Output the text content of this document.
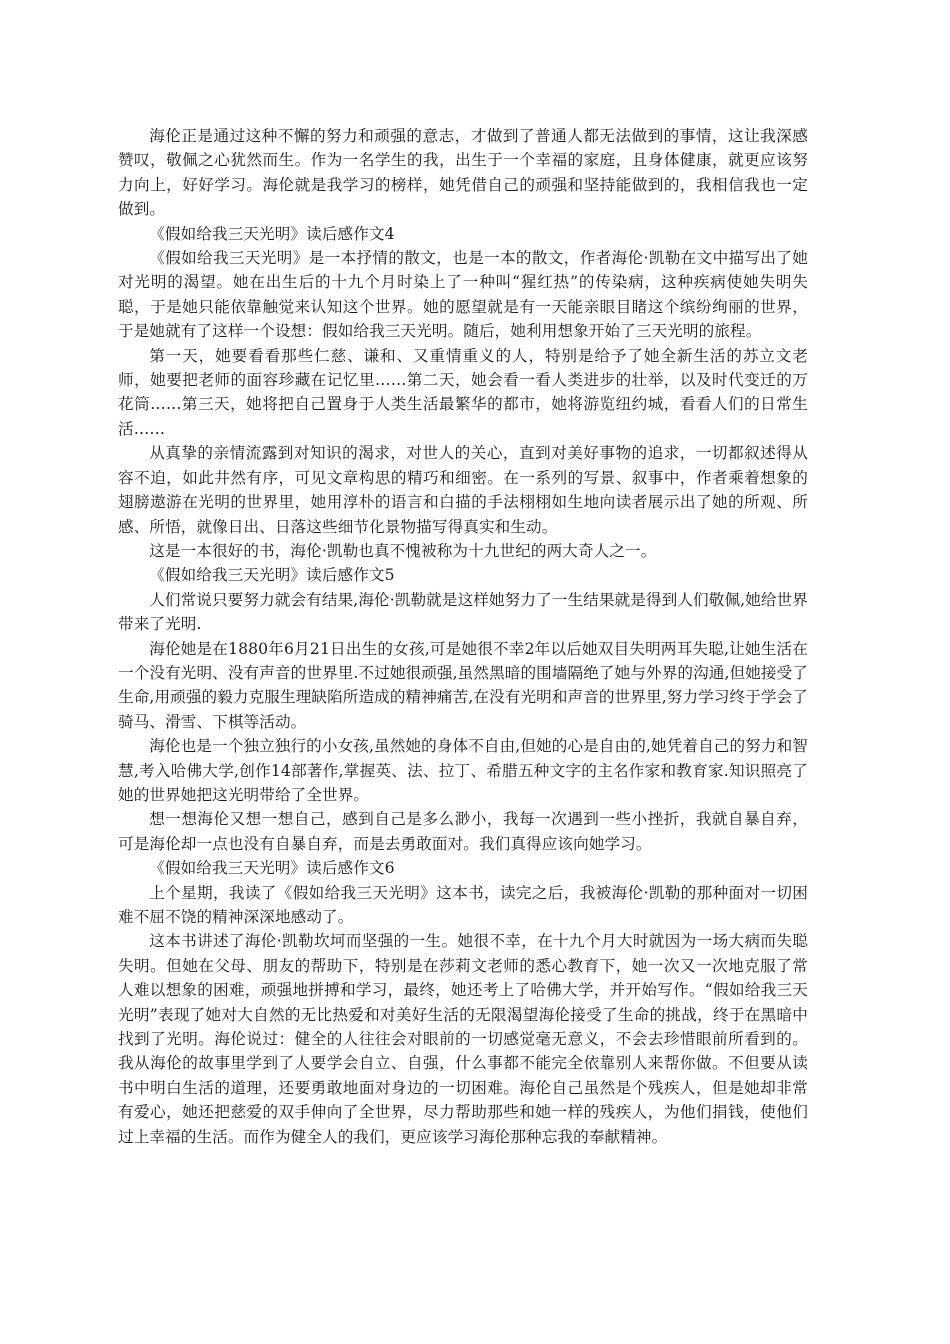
海伦正是通过这种不懈的努力和顽强的意志，才做到了普通人都无法做到的事情，这让我深感赞叹，敬佩之心犹然而生。作为一名学生的我，出生于一个幸福的家庭，且身体健康，就更应该努力向上，好好学习。海伦就是我学习的榜样，她凭借自己的顽强和坚持能做到的，我相信我也一定做到。

《假如给我三天光明》读后感作文4

《假如给我三天光明》是一本抒情的散文，也是一本的散文，作者海伦·凯勒在文中描写出了她对光明的渴望。她在出生后的十九个月时染上了一种叫“猩红热”的传染病，这种疾病使她失明失聪，于是她只能依靠触觉来认知这个世界。她的愿望就是有一天能亲眼目睹这个缤纷绚丽的世界，于是她就有了这样一个设想：假如给我三天光明。随后，她利用想象开始了三天光明的旅程。

第一天，她要看看那些仁慈、谦和、又重情重义的人，特别是给予了她全新生活的苏立文老师，她要把老师的面容珍藏在记忆里……第二天，她会看一看人类进步的壮举，以及时代变迁的万花筒……第三天，她将把自己置身于人类生活最繁华的都市，她将游览纽约城，看看人们的日常生活……

从真挚的亲情流露到对知识的渴求，对世人的关心，直到对美好事物的追求，一切都叙述得从容不迫，如此井然有序，可见文章构思的精巧和细密。在一系列的写景、叙事中，作者乘着想象的翅膀遨游在光明的世界里，她用淳朴的语言和白描的手法栩栩如生地向读者展示出了她的所观、所感、所悟，就像日出、日落这些细节化景物描写得真实和生动。

这是一本很好的书，海伦·凯勒也真不愧被称为十九世纪的两大奇人之一。

《假如给我三天光明》读后感作文5

人们常说只要努力就会有结果,海伦·凯勒就是这样她努力了一生结果就是得到人们敬佩,她给世界带来了光明.

海伦她是在1880年6月21日出生的女孩,可是她很不幸2年以后她双目失明两耳失聪,让她生活在一个没有光明、没有声音的世界里.不过她很顽强,虽然黑暗的围墙隔绝了她与外界的沟通,但她接受了生命,用顽强的毅力克服生理缺陷所造成的精神痛苦,在没有光明和声音的世界里,努力学习终于学会了骑马、滑雪、下棋等活动。

海伦也是一个独立独行的小女孩,虽然她的身体不自由,但她的心是自由的,她凭着自己的努力和智慧,考入哈佛大学,创作14部著作,掌握英、法、拉丁、希腊五种文字的主名作家和教育家.知识照亮了她的世界她把这光明带给了全世界。

想一想海伦又想一想自己，感到自己是多么渺小，我每一次遇到一些小挫折，我就自暴自弃，可是海伦却一点也没有自暴自弃，而是去勇敢面对。我们真得应该向她学习。

《假如给我三天光明》读后感作文6

上个星期，我读了《假如给我三天光明》这本书，读完之后，我被海伦·凯勒的那种面对一切困难不屈不饶的精神深深地感动了。

这本书讲述了海伦·凯勒坎坷而坚强的一生。她很不幸，在十九个月大时就因为一场大病而失聪失明。但她在父母、朋友的帮助下，特别是在莎莉文老师的悉心教育下，她一次又一次地克服了常人难以想象的困难，顽强地拼搏和学习，最终，她还考上了哈佛大学，并开始写作。“假如给我三天光明”表现了她对大自然的无比热爱和对美好生活的无限渴望海伦接受了生命的挑战，终于在黑暗中找到了光明。海伦说过：健全的人往往会对眼前的一切感觉毫无意义，不会去珍惜眼前所看到的。我从海伦的故事里学到了人要学会自立、自强，什么事都不能完全依靠别人来帮你做。不但要从读书中明白生活的道理，还要勇敢地面对身边的一切困难。海伦自己虽然是个残疾人，但是她却非常有爱心，她还把慈爱的双手伸向了全世界，尽力帮助那些和她一样的残疾人，为他们捐钱，使他们过上幸福的生活。而作为健全人的我们，更应该学习海伦那种忘我的奉献精神。
